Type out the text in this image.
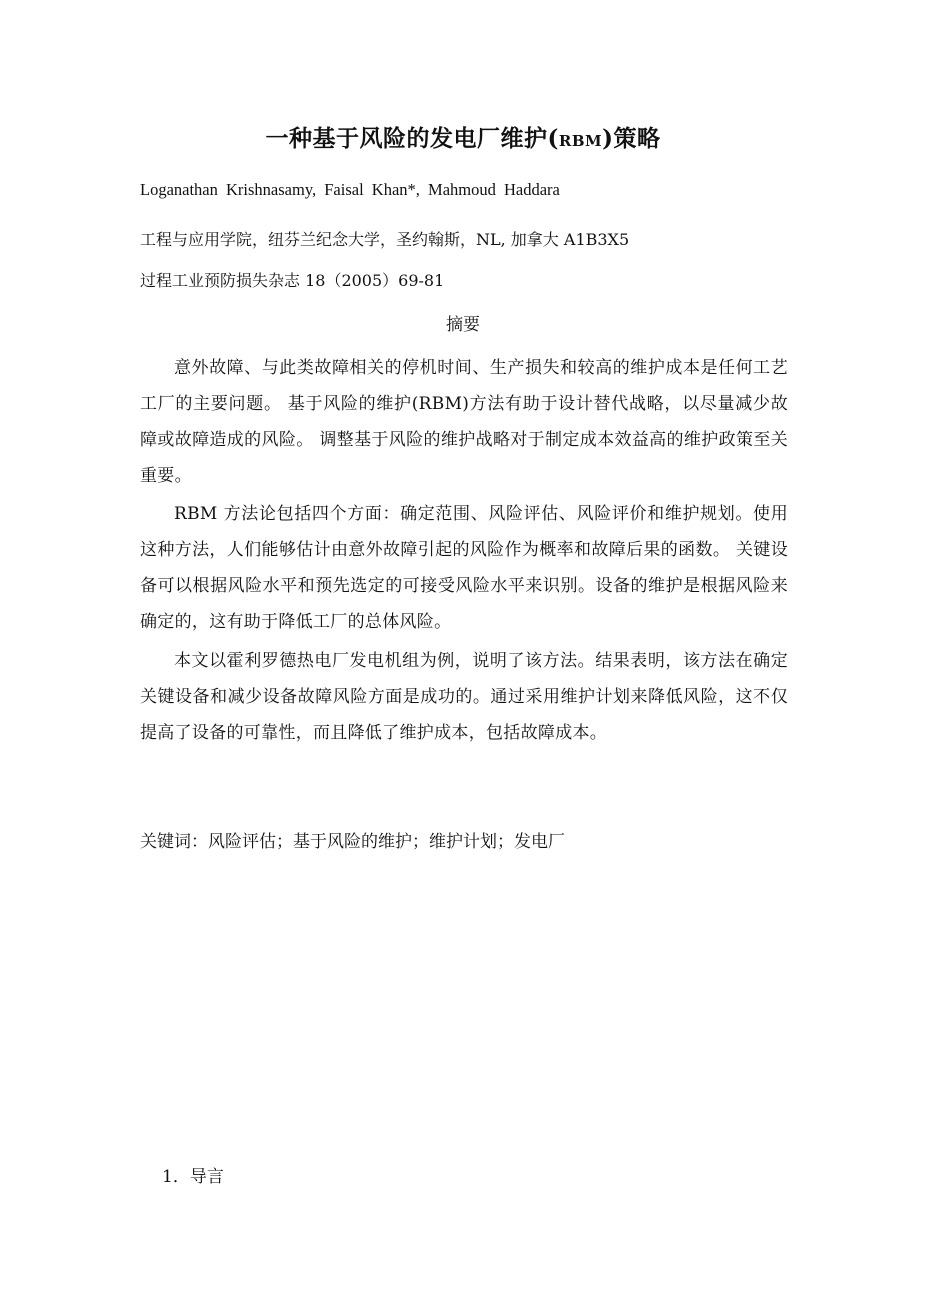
一种基于风险的发电厂维护(RBM)策略
Loganathan Krishnasamy, Faisal Khan*, Mahmoud Haddara
工程与应用学院，纽芬兰纪念大学，圣约翰斯，NL, 加拿大 A1B3X5
过程工业预防损失杂志 18（2005）69-81
摘要

意外故障、与此类故障相关的停机时间、生产损失和较高的维护成本是任何工艺工厂的主要问题。 基于风险的维护(RBM)方法有助于设计替代战略，以尽量减少故障或故障造成的风险。 调整基于风险的维护战略对于制定成本效益高的维护政策至关重要。

RBM 方法论包括四个方面：确定范围、风险评估、风险评价和维护规划。使用这种方法，人们能够估计由意外故障引起的风险作为概率和故障后果的函数。 关键设备可以根据风险水平和预先选定的可接受风险水平来识别。设备的维护是根据风险来确定的，这有助于降低工厂的总体风险。

本文以霍利罗德热电厂发电机组为例，说明了该方法。结果表明，该方法在确定关键设备和减少设备故障风险方面是成功的。通过采用维护计划来降低风险，这不仅提高了设备的可靠性，而且降低了维护成本，包括故障成本。

关键词：风险评估；基于风险的维护；维护计划；发电厂
1．导言
